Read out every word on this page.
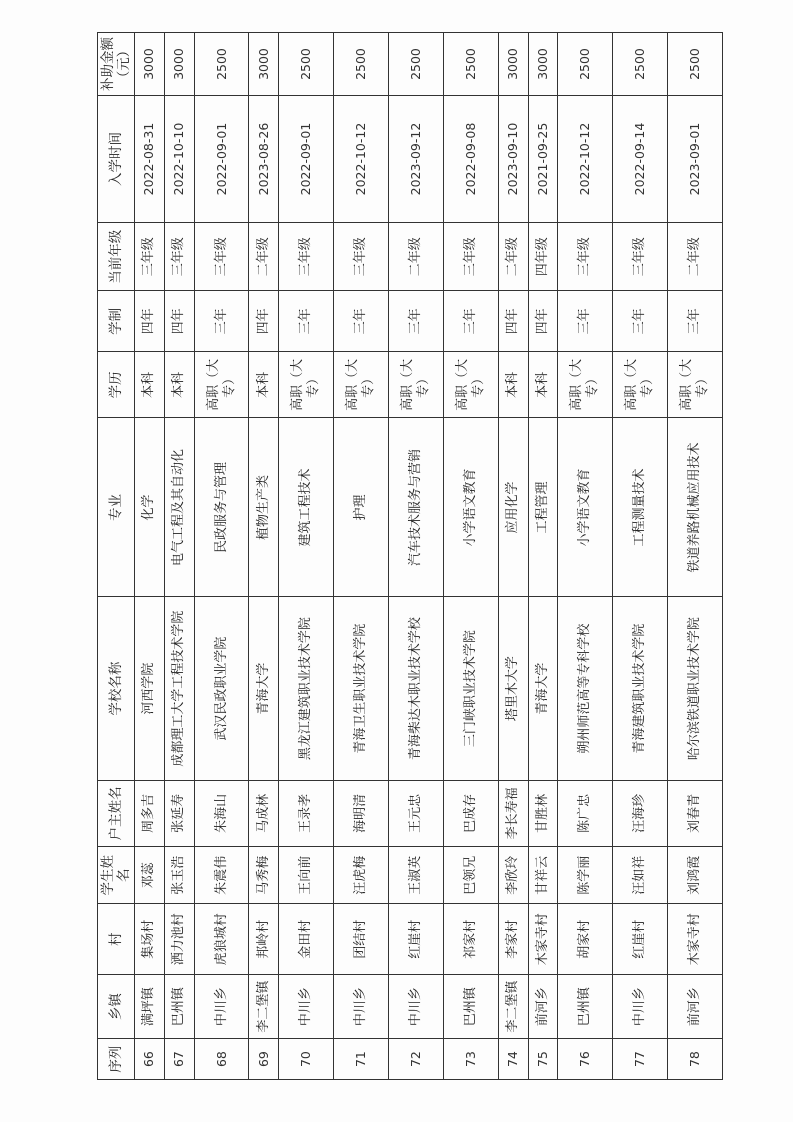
序列	乡镇	村	学生姓名	户主姓名	学校名称	专业	学历	学制	当前年级	入学时间	补助金额（元）
66	满坪镇	集场村	邓蕊	周多吉	河西学院	化学	本科	四年	三年级	2022-08-31	3000
67	巴州镇	洒力池村	张玉浩	张延寿	成都理工大学工程技术学院	电气工程及其自动化	本科	四年	三年级	2022-10-10	3000
68	中川乡	虎狼城村	朱震伟	朱海山	武汉民政职业学院	民政服务与管理	高职（大专）	三年	三年级	2022-09-01	2500
69	李二堡镇	邦岭村	马秀梅	马成林	青海大学	植物生产类	本科	四年	二年级	2023-08-26	3000
70	中川乡	金田村	王向前	王录孝	黑龙江建筑职业技术学院	建筑工程技术	高职（大专）	三年	三年级	2022-09-01	2500
71	中川乡	团结村	汪虎梅	海明清	青海卫生职业技术学院	护理	高职（大专）	三年	三年级	2022-10-12	2500
72	中川乡	红崖村	王淑英	王元忠	青海柴达木职业技术学校	汽车技术服务与营销	高职（大专）	三年	二年级	2023-09-12	2500
73	巴州镇	祁家村	巴领兄	巴成存	三门峡职业技术学院	小学语文教育	高职（大专）	三年	三年级	2022-09-08	2500
74	李二堡镇	李家村	李欣玲	李长寿福	塔里木大学	应用化学	本科	四年	二年级	2023-09-10	3000
75	前河乡	木家寺村	甘祥云	甘胜林	青海大学	工程管理	本科	四年	四年级	2021-09-25	3000
76	巴州镇	胡家村	陈学丽	陈广忠	朔州师范高等专科学校	小学语文教育	高职（大专）	三年	三年级	2022-10-12	2500
77	中川乡	红崖村	汪如祥	汪海珍	青海建筑职业技术学院	工程测量技术	高职（大专）	三年	三年级	2022-09-14	2500
78	前河乡	木家寺村	刘鸿霞	刘春青	哈尔滨铁道职业技术学院	铁道养路机械应用技术	高职（大专）	三年	二年级	2023-09-01	2500
